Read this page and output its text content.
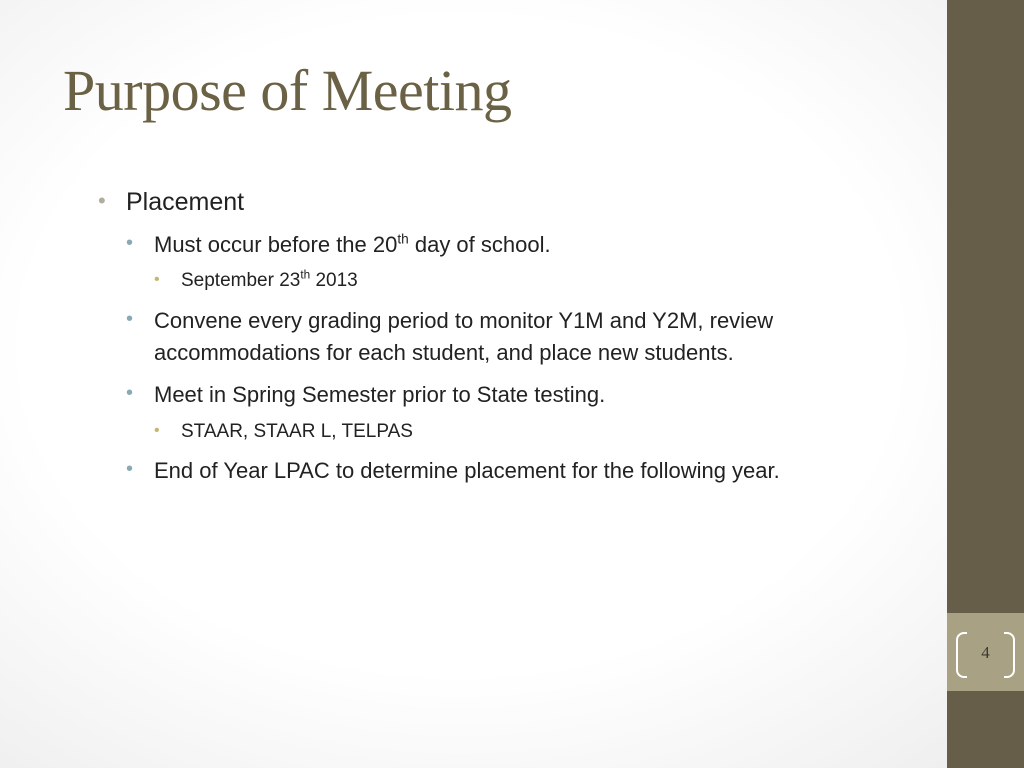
Purpose of Meeting
• Placement
• Must occur before the 20th day of school.
• September 23th 2013
• Convene every grading period to monitor Y1M and Y2M, review accommodations for each student, and place new students.
• Meet in Spring Semester prior to State testing.
• STAAR, STAAR L, TELPAS
• End of Year LPAC to determine placement for the following year.
4
